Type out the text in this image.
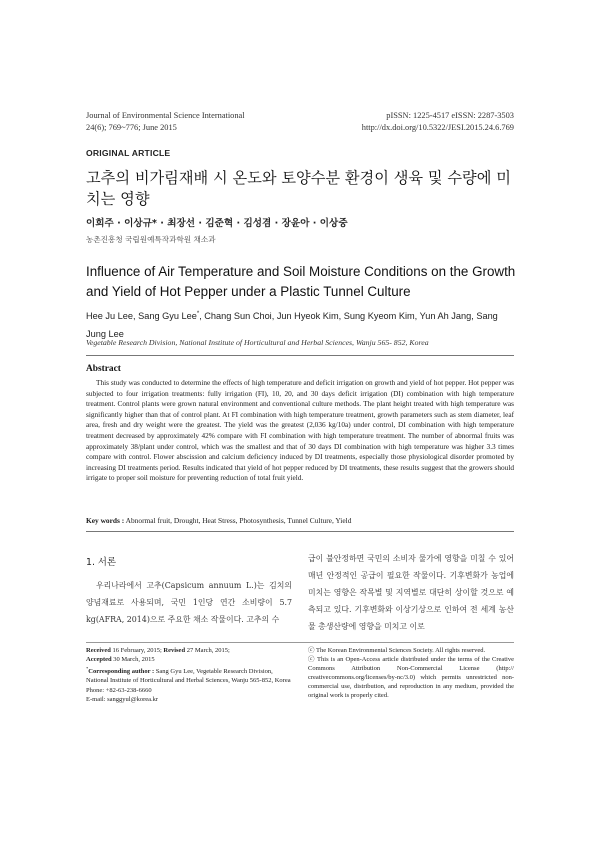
Journal of Environmental Science International
24(6); 769~776; June 2015
pISSN: 1225-4517 eISSN: 2287-3503
http://dx.doi.org/10.5322/JESI.2015.24.6.769
ORIGINAL ARTICLE
고추의 비가림재배 시 온도와 토양수분 환경이 생육 및 수량에 미치는 영향
이희주 · 이상규* · 최장선 · 김준혁 · 김성겸 · 장윤아 · 이상중
농촌진흥청 국립원예특작과학원 채소과
Influence of Air Temperature and Soil Moisture Conditions on the Growth and Yield of Hot Pepper under a Plastic Tunnel Culture
Hee Ju Lee, Sang Gyu Lee*, Chang Sun Choi, Jun Hyeok Kim, Sung Kyeom Kim, Yun Ah Jang, Sang Jung Lee
Vegetable Research Division, National Institute of Horticultural and Herbal Sciences, Wanju 565- 852, Korea
Abstract
This study was conducted to determine the effects of high temperature and deficit irrigation on growth and yield of hot pepper. Hot pepper was subjected to four irrigation treatments: fully irrigation (FI), 10, 20, and 30 days deficit irrigation (DI) combination with high temperature treatment. Control plants were grown natural environment and conventional culture methods. The plant height treated with high temperature was significantly higher than that of control plant. At FI combination with high temperature treatment, growth parameters such as stem diameter, leaf area, fresh and dry weight were the greatest. The yield was the greatest (2,036 kg/10a) under control, DI combination with high temperature treatment decreased by approximately 42% compare with FI combination with high temperature treatment. The number of abnormal fruits was approximately 38/plant under control, which was the smallest and that of 30 days DI combination with high temperature was higher 3.3 times compare with control. Flower abscission and calcium deficiency induced by DI treatments, especially those physiological disorder promoted by increasing DI treatments period. Results indicated that yield of hot pepper reduced by DI treatments, these results suggest that the growers should irrigate to proper soil moisture for preventing reduction of total fruit yield.
Key words : Abnormal fruit, Drought, Heat Stress, Photosynthesis, Tunnel Culture, Yield
1. 서론
우리나라에서 고추(Capsicum annuum L.)는 김치의 양념재료로 사용되며, 국민 1인당 연간 소비량이 5.7 kg(AFRA, 2014)으로 주요한 채소 작물이다. 고추의 수
급이 불안정하면 국민의 소비자 물가에 영향을 미칠 수 있어 매년 안정적인 공급이 필요한 작물이다. 기후변화가 농업에 미치는 영향은 작목별 및 지역별로 대단히 상이할 것으로 예측되고 있다. 기후변화와 이상기상으로 인하여 전 세계 농산물 총생산량에 영향을 미치고 이로
Received 16 February, 2015; Revised 27 March, 2015;
Accepted 30 March, 2015
*Corresponding author : Sang Gyu Lee, Vegetable Research Division, National Institute of Horticultural and Herbal Sciences, Wanju 565-852, Korea
Phone: +82-63-238-6660
E-mail: sanggyul@korea.kr
ⓒ The Korean Environmental Sciences Society. All rights reserved.
ⓒ This is an Open-Access article distributed under the terms of the Creative Commons Attribution Non-Commercial License (http:// creativecommons.org/licenses/by-nc/3.0) which permits unrestricted non-commercial use, distribution, and reproduction in any medium, provided the original work is properly cited.
